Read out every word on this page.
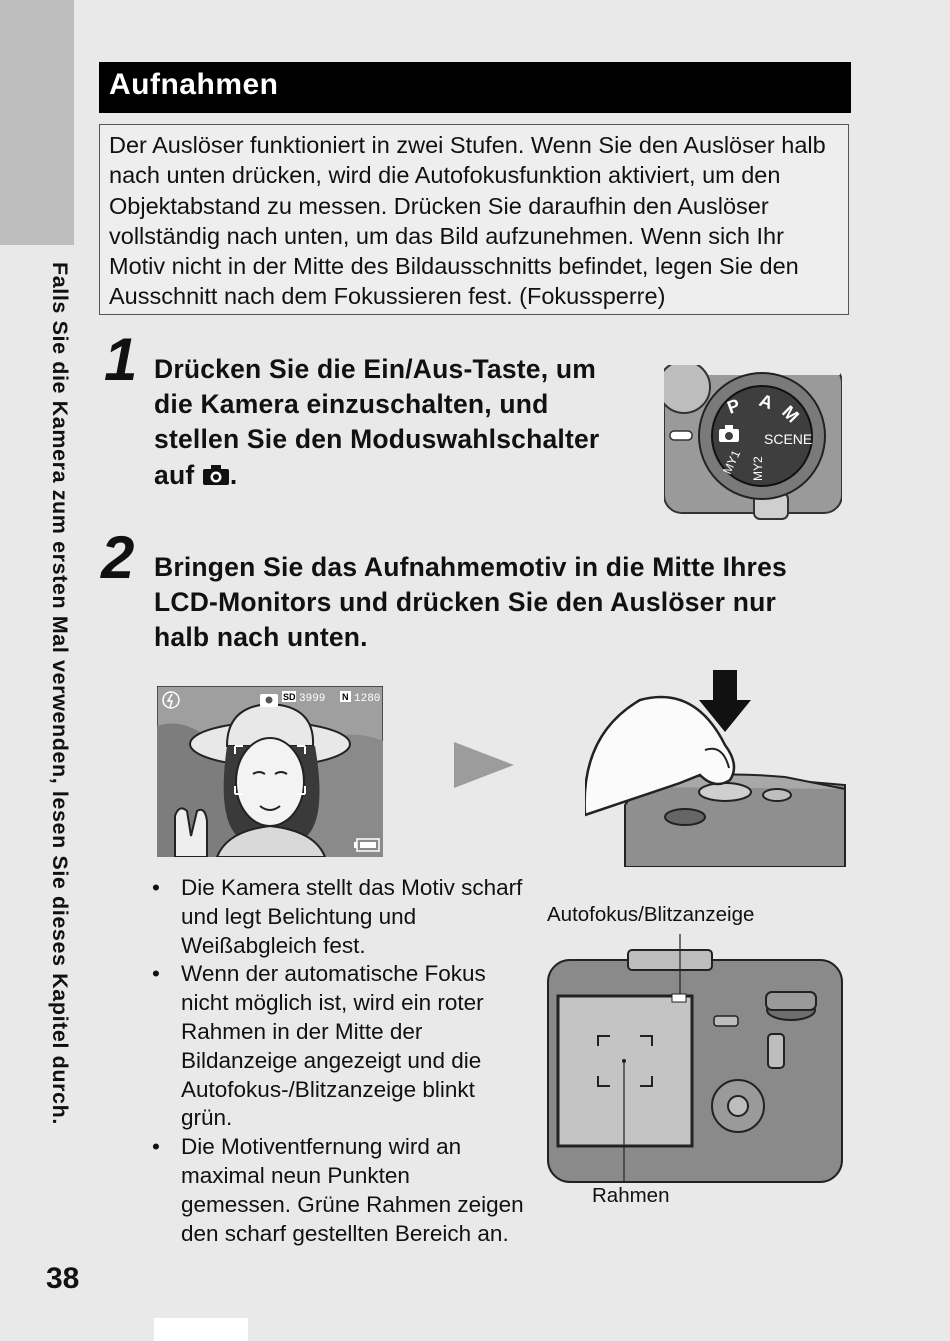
Falls Sie die Kamera zum ersten Mal verwenden, lesen Sie dieses Kapitel durch.
38
Aufnahmen
Der Auslöser funktioniert in zwei Stufen. Wenn Sie den Auslöser halb nach unten drücken, wird die Autofokusfunktion aktiviert, um den Objektabstand zu messen. Drücken Sie daraufhin den Auslöser vollständig nach unten, um das Bild aufzunehmen. Wenn sich Ihr Motiv nicht in der Mitte des Bildausschnitts befindet, legen Sie den Ausschnitt nach dem Fokussieren fest. (Fokussperre)
1 Drücken Sie die Ein/Aus-Taste, um
die Kamera einzuschalten, und
stellen Sie den Moduswahlschalter
auf .
A
P M
SCENE
MY1 MY2
2 Bringen Sie das Aufnahmemotiv in die Mitte Ihres
LCD-Monitors und drücken Sie den Auslöser nur
halb nach unten.
SD 3999 N 1280
• Die Kamera stellt das Motiv scharf und legt Belichtung und Weißabgleich fest.
• Wenn der automatische Fokus nicht möglich ist, wird ein roter Rahmen in der Mitte der Bildanzeige angezeigt und die Autofokus-/Blitzanzeige blinkt grün.
• Die Motiventfernung wird an maximal neun Punkten gemessen. Grüne Rahmen zeigen den scharf gestellten Bereich an.
Autofokus/Blitzanzeige
Rahmen
